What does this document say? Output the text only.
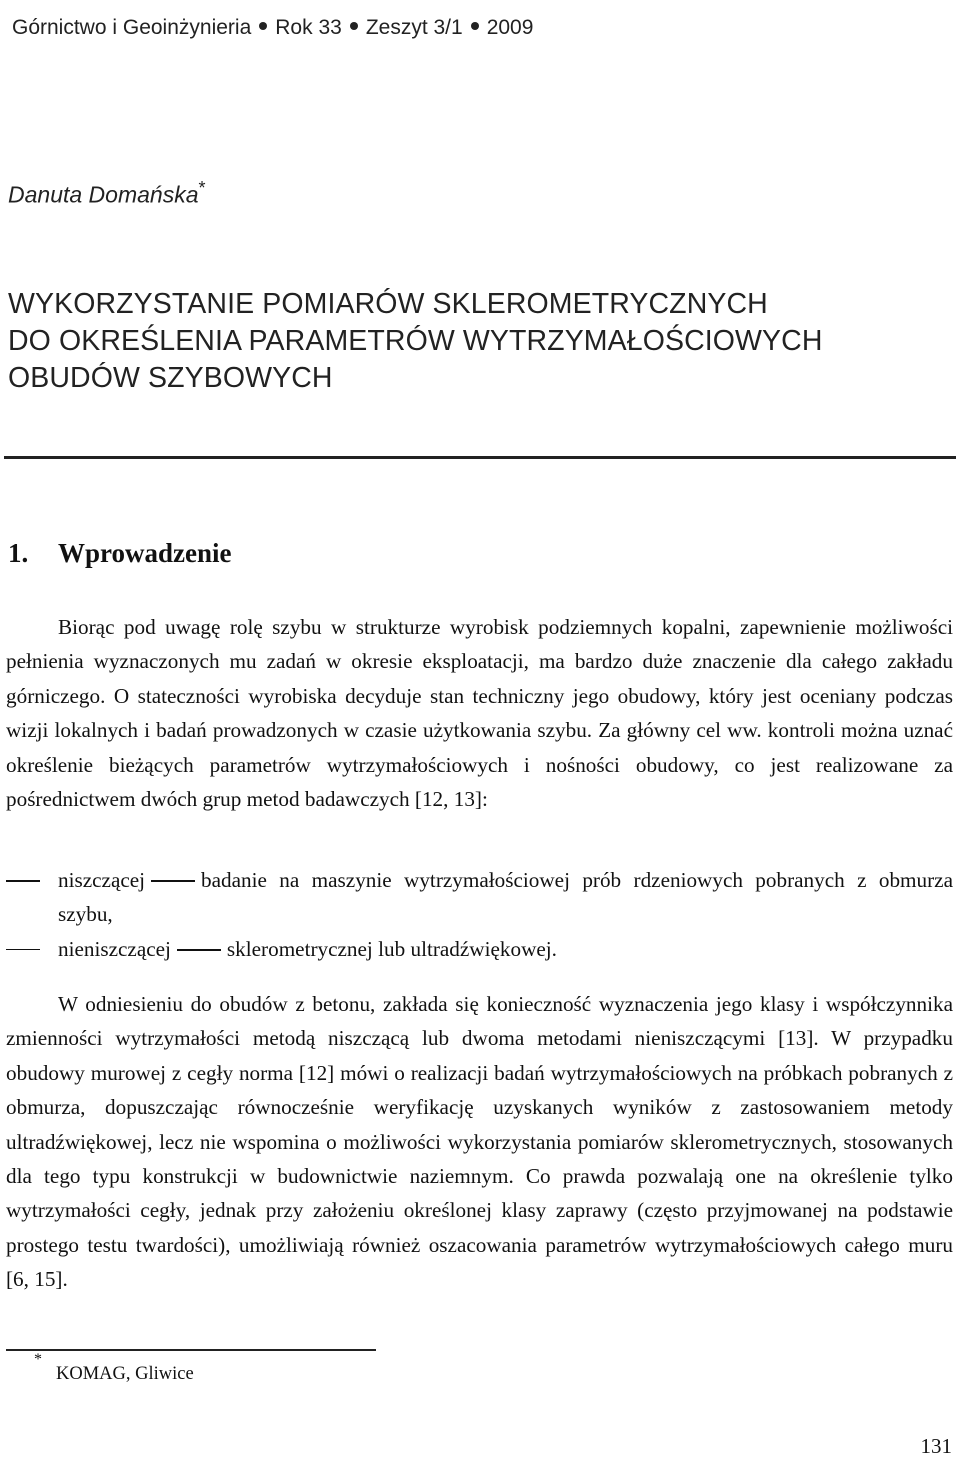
Górnictwo i Geoinżynieria Rok 33 Zeszyt 3/1 2009
Danuta Domańska*
WYKORZYSTANIE POMIARÓW SKLEROMETRYCZNYCH
DO OKREŚLENIA PARAMETRÓW WYTRZYMAŁOŚCIOWYCH
OBUDÓW SZYBOWYCH
1. Wprowadzenie
Biorąc pod uwagę rolę szybu w strukturze wyrobisk podziemnych kopalni, zapewnienie możliwości pełnienia wyznaczonych mu zadań w okresie eksploatacji, ma bardzo duże znaczenie dla całego zakładu górniczego. O stateczności wyrobiska decyduje stan techniczny jego obudowy, który jest oceniany podczas wizji lokalnych i badań prowadzonych w czasie użytkowania szybu. Za główny cel ww. kontroli można uznać określenie bieżących parametrów wytrzymałościowych i nośności obudowy, co jest realizowane za pośrednictwem dwóch grup metod badawczych [12, 13]:
niszczącej	badanie na maszynie wytrzymałościowej prób rdzeniowych pobranych z obmurza szybu,
nieniszczącej	sklerometrycznej lub ultradźwiękowej.
W odniesieniu do obudów z betonu, zakłada się konieczność wyznaczenia jego klasy i współczynnika zmienności wytrzymałości metodą niszczącą lub dwoma metodami nieniszczącymi [13]. W przypadku obudowy murowej z cegły norma [12] mówi o realizacji badań wytrzymałościowych na próbkach pobranych z obmurza, dopuszczając równocześnie weryfikację uzyskanych wyników z zastosowaniem metody ultradźwiękowej, lecz nie wspomina o możliwości wykorzystania pomiarów sklerometrycznych, stosowanych dla tego typu konstrukcji w budownictwie naziemnym. Co prawda pozwalają one na określenie tylko wytrzymałości cegły, jednak przy założeniu określonej klasy zaprawy (często przyjmowanej na podstawie prostego testu twardości), umożliwiają również oszacowania parametrów wytrzymałościowych całego muru [6, 15].
*
KOMAG, Gliwice
131
